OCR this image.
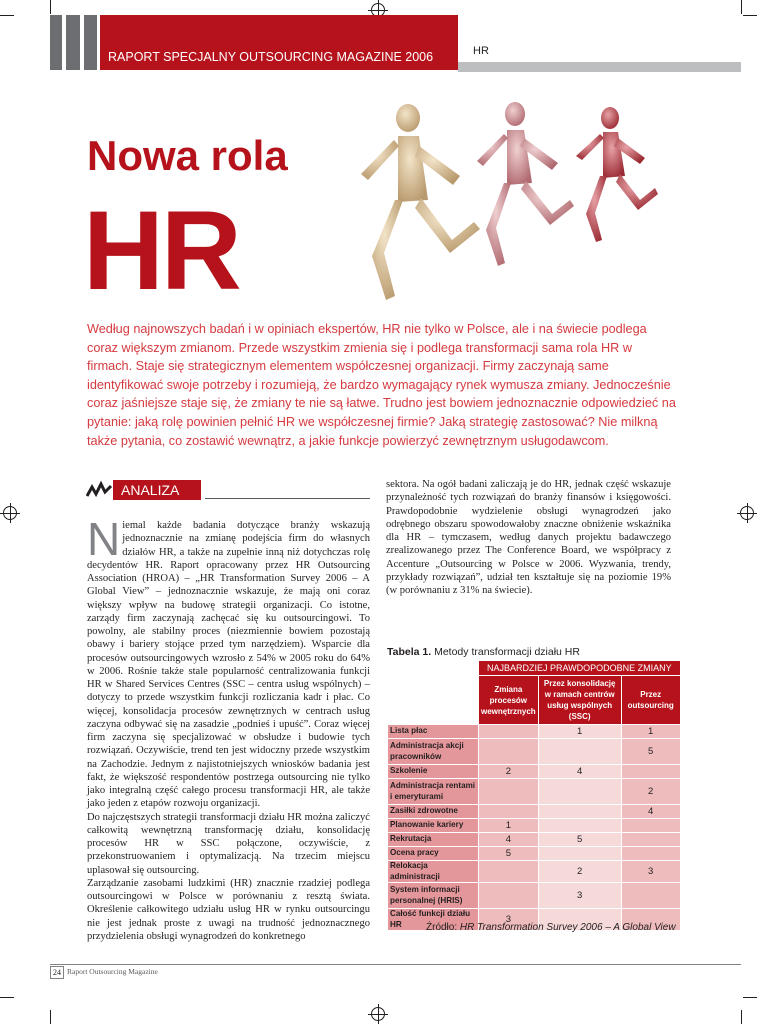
RAPORT SPECJALNY OUTSOURCING MAGAZINE 2006	HR
Nowa rola
HR
Według najnowszych badań i w opiniach ekspertów, HR nie tylko w Polsce, ale i na świecie podlega coraz większym zmianom. Przede wszystkim zmienia się i podlega transformacji sama rola HR w firmach. Staje się strategicznym elementem współczesnej organizacji. Firmy zaczynają same identyfikować swoje potrzeby i rozumieją, że bardzo wymagający rynek wymusza zmiany. Jednocześnie coraz jaśniejsze staje się, że zmiany te nie są łatwe. Trudno jest bowiem jednoznacznie odpowiedzieć na pytanie: jaką rolę powinien pełnić HR we współczesnej firmie? Jaką strategię zastosować? Nie milkną także pytania, co zostawić wewnątrz, a jakie funkcje powierzyć zewnętrznym usługodawcom.
ANALIZA

Niemal każde badania dotyczące branży wskazują jednoznacznie na zmianę podejścia firm do własnych działów HR, a także na zupełnie inną niż dotychczas rolę decydentów HR. Raport opracowany przez HR Outsourcing Association (HROA) – „HR Transformation Survey 2006 – A Global View” – jednoznacznie wskazuje, że mają oni coraz większy wpływ na budowę strategii organizacji. Co istotne, zarządy firm zaczynają zachęcać się ku outsourcingowi. To powolny, ale stabilny proces (niezmiennie bowiem pozostają obawy i bariery stojące przed tym narzędziem). Wsparcie dla procesów outsourcingowych wzrosło z 54% w 2005 roku do 64% w 2006. Rośnie także stale popularność centralizowania funkcji HR w Shared Services Centres (SSC – centra usług wspólnych) – dotyczy to przede wszystkim funkcji rozliczania kadr i płac. Co więcej, konsolidacja procesów zewnętrznych w centrach usług zaczyna odbywać się na zasadzie „podnieś i upuść”. Coraz więcej firm zaczyna się specjalizować w obsłudze i budowie tych rozwiązań. Oczywiście, trend ten jest widoczny przede wszystkim na Zachodzie. Jednym z najistotniejszych wniosków badania jest fakt, że większość respondentów postrzega outsourcing nie tylko jako integralną część całego procesu transformacji HR, ale także jako jeden z etapów rozwoju organizacji.

Do najczęstszych strategii transformacji działu HR można zaliczyć całkowitą wewnętrzną transformację działu, konsolidację procesów HR w SSC połączone, oczywiście, z przekonstruowaniem i optymalizacją. Na trzecim miejscu uplasował się outsourcing.

Zarządzanie zasobami ludzkimi (HR) znacznie rzadziej podlega outsourcingowi w Polsce w porównaniu z resztą świata. Określenie całkowitego udziału usług HR w rynku outsourcingu nie jest jednak proste z uwagi na trudność jednoznacznego przydzielenia obsługi wynagrodzeń do konkretnego

sektora. Na ogół badani zaliczają je do HR, jednak część wskazuje przynależność tych rozwiązań do branży finansów i księgowości. Prawdopodobnie wydzielenie obsługi wynagrodzeń jako odrębnego obszaru spowodowałoby znaczne obniżenie wskaźnika dla HR – tymczasem, według danych projektu badawczego zrealizowanego przez The Conference Board, we współpracy z Accenture „Outsourcing w Polsce w 2006. Wyzwania, trendy, przykłady rozwiązań”, udział ten kształtuje się na poziomie 19% (w porównaniu z 31% na świecie).

Tabela 1. Metody transformacji działu HR
	NAJBARDZIEJ PRAWDOPODOBNE ZMIANY		
	Zmiana procesów wewnętrznych	Przez konsolidację w ramach centrów usług wspólnych (SSC)	Przez outsourcing
Lista płac		1	1
Administracja akcji pracowników			5
Szkolenie	2	4	
Administracja rentami i emeryturami			2
Zasiłki zdrowotne			4
Planowanie kariery	1		
Rekrutacja	4	5	
Ocena pracy	5		
Relokacja administracji		2	3
System informacji personalnej (HRIS)		3	
Całość funkcji działu HR	3		
Źródło: HR Transformation Survey 2006 – A Global View
24 Raport Outsourcing Magazine
